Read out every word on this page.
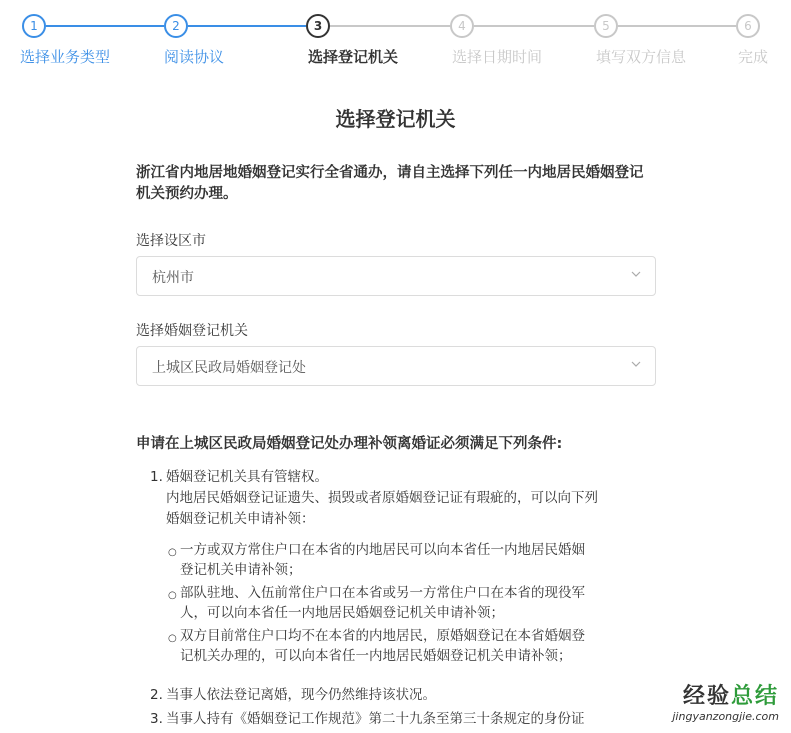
1	2	3	4	5	6
选择业务类型	阅读协议	选择登记机关	选择日期时间	填写双方信息	完成
选择登记机关
浙江省内地居地婚姻登记实行全省通办，请自主选择下列任一内地居民婚姻登记机关预约办理。
选择设区市
杭州市
选择婚姻登记机关
上城区民政局婚姻登记处
申请在上城区民政局婚姻登记处办理补领离婚证必须满足下列条件:
1. 婚姻登记机关具有管辖权。
内地居民婚姻登记证遗失、损毁或者原婚姻登记证有瑕疵的，可以向下列
婚姻登记机关申请补领：
○ 一方或双方常住户口在本省的内地居民可以向本省任一内地居民婚姻
登记机关申请补领；
○ 部队驻地、入伍前常住户口在本省或另一方常住户口在本省的现役军
人，可以向本省任一内地居民婚姻登记机关申请补领；
○ 双方目前常住户口均不在本省的内地居民，原婚姻登记在本省婚姻登
记机关办理的，可以向本省任一内地居民婚姻登记机关申请补领；
2. 当事人依法登记离婚，现今仍然维持该状况。
3. 当事人持有《婚姻登记工作规范》第二十九条至第三十条规定的身份证
经验总结
jingyanzongjie.com
